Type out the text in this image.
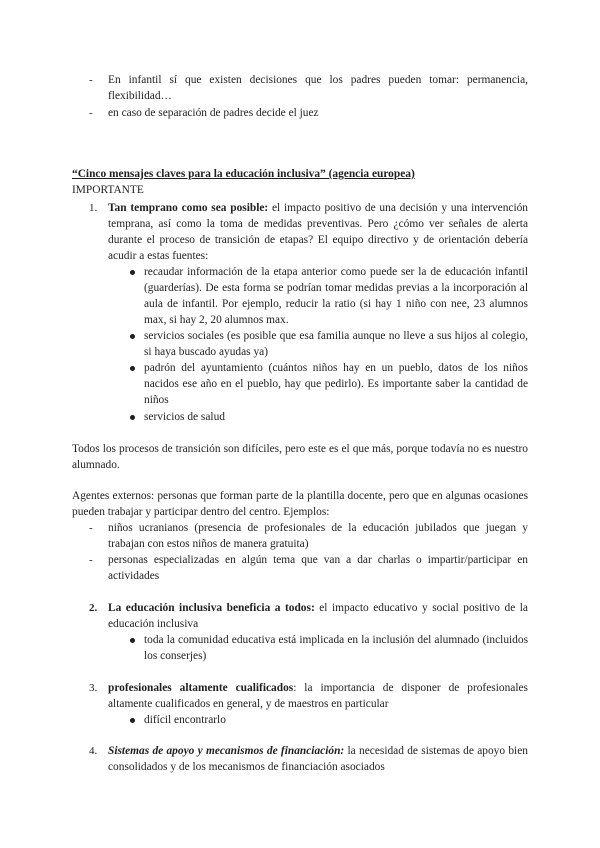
- En infantil sí que existen decisiones que los padres pueden tomar: permanencia, flexibilidad…
- en caso de separación de padres decide el juez
“Cinco mensajes claves para la educación inclusiva” (agencia europea)
IMPORTANTE
1. Tan temprano como sea posible: el impacto positivo de una decisión y una intervención temprana, así como la toma de medidas preventivas. Pero ¿cómo ver señales de alerta durante el proceso de transición de etapas? El equipo directivo y de orientación debería acudir a estas fuentes:
recaudar información de la etapa anterior como puede ser la de educación infantil (guarderías). De esta forma se podrían tomar medidas previas a la incorporación al aula de infantil. Por ejemplo, reducir la ratio (si hay 1 niño con nee, 23 alumnos max, si hay 2, 20 alumnos max.
servicios sociales (es posible que esa familia aunque no lleve a sus hijos al colegio, si haya buscado ayudas ya)
padrón del ayuntamiento (cuántos niños hay en un pueblo, datos de los niños nacidos ese año en el pueblo, hay que pedirlo). Es importante saber la cantidad de niños
servicios de salud
Todos los procesos de transición son difíciles, pero este es el que más, porque todavía no es nuestro alumnado.
Agentes externos: personas que forman parte de la plantilla docente, pero que en algunas ocasiones pueden trabajar y participar dentro del centro. Ejemplos:
- niños ucranianos (presencia de profesionales de la educación jubilados que juegan y trabajan con estos niños de manera gratuita)
- personas especializadas en algún tema que van a dar charlas o impartir/participar en actividades
2. La educación inclusiva beneficia a todos: el impacto educativo y social positivo de la educación inclusiva
toda la comunidad educativa está implicada en la inclusión del alumnado (incluidos los conserjes)
3. profesionales altamente cualificados: la importancia de disponer de profesionales altamente cualificados en general, y de maestros en particular
difícil encontrarlo
4. Sistemas de apoyo y mecanismos de financiación: la necesidad de sistemas de apoyo bien consolidados y de los mecanismos de financiación asociados
